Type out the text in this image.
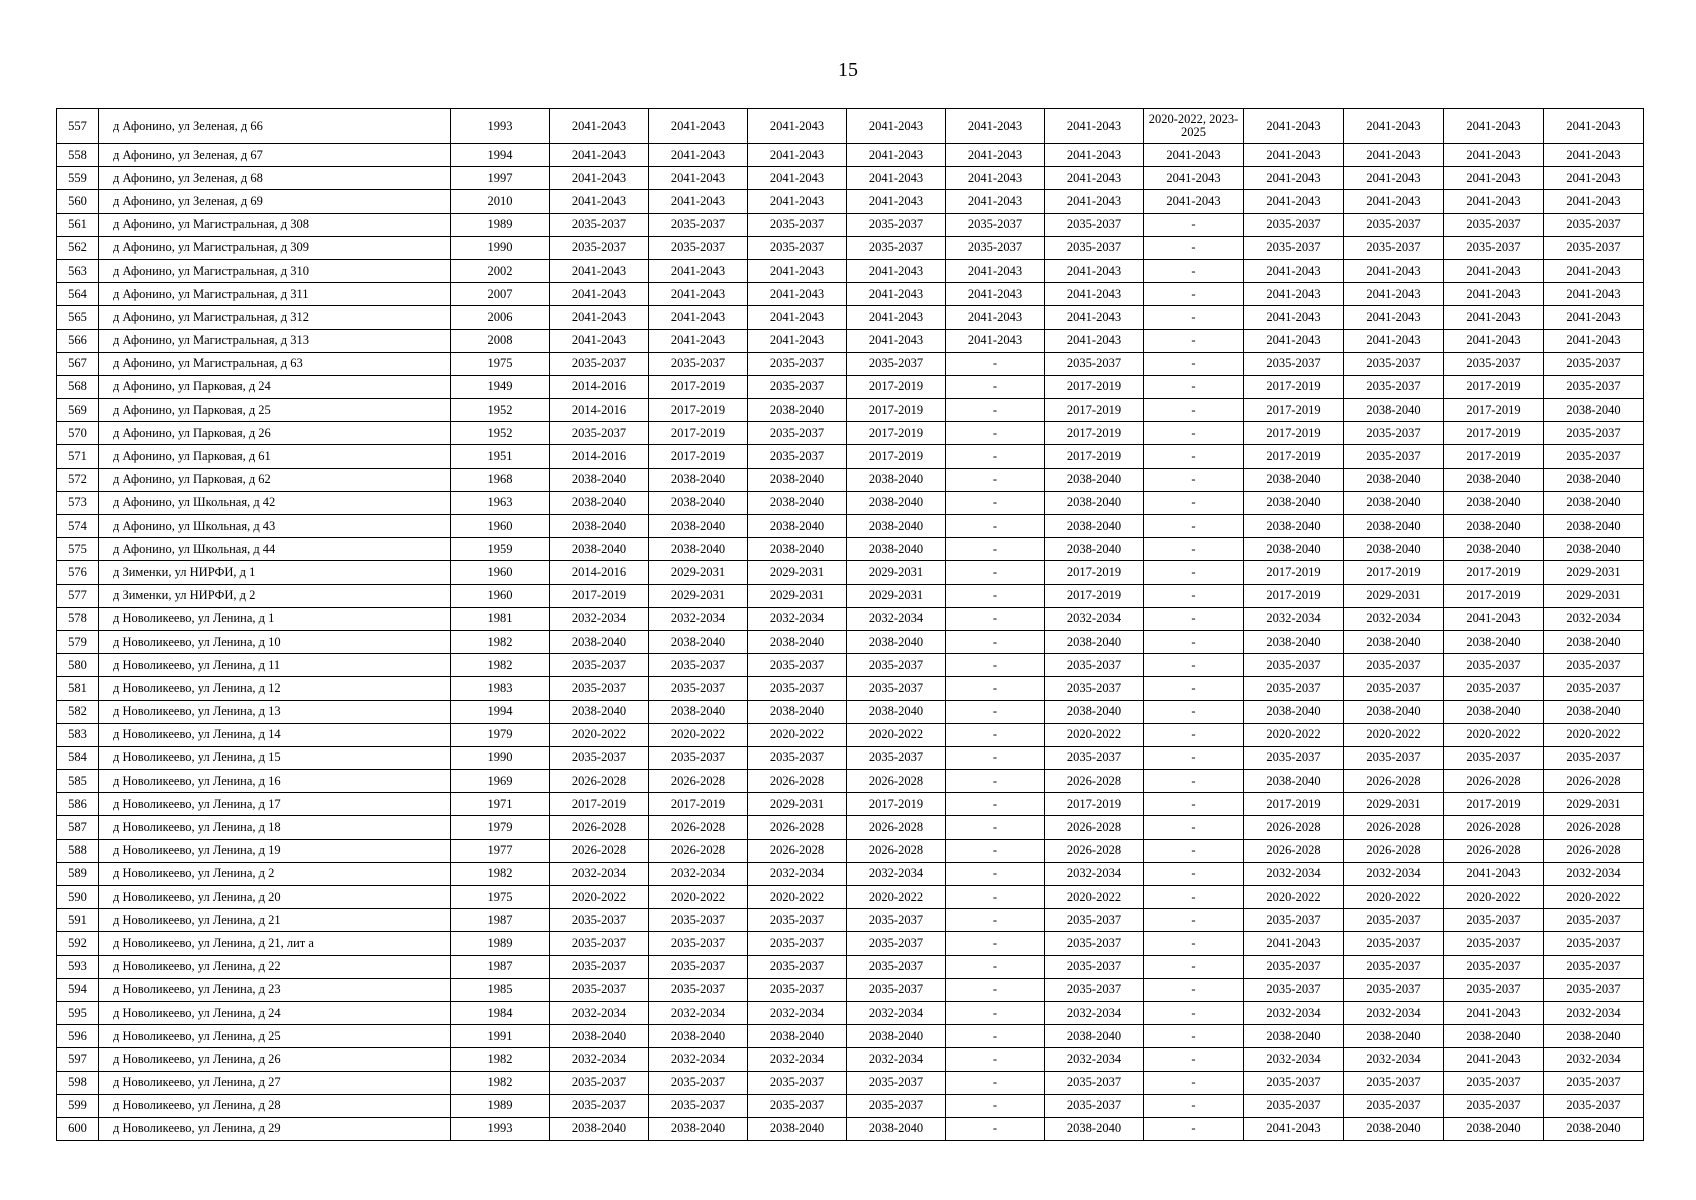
15
557	д Афонино, ул Зеленая, д 66	1993	2041-2043	2041-2043	2041-2043	2041-2043	2041-2043	2041-2043	2020-2022, 2023-2025	2041-2043	2041-2043	2041-2043	2041-2043
558	д Афонино, ул Зеленая, д 67	1994	2041-2043	2041-2043	2041-2043	2041-2043	2041-2043	2041-2043	2041-2043	2041-2043	2041-2043	2041-2043	2041-2043
559	д Афонино, ул Зеленая, д 68	1997	2041-2043	2041-2043	2041-2043	2041-2043	2041-2043	2041-2043	2041-2043	2041-2043	2041-2043	2041-2043	2041-2043
560	д Афонино, ул Зеленая, д 69	2010	2041-2043	2041-2043	2041-2043	2041-2043	2041-2043	2041-2043	2041-2043	2041-2043	2041-2043	2041-2043	2041-2043
561	д Афонино, ул Магистральная, д 308	1989	2035-2037	2035-2037	2035-2037	2035-2037	2035-2037	2035-2037	-	2035-2037	2035-2037	2035-2037	2035-2037
562	д Афонино, ул Магистральная, д 309	1990	2035-2037	2035-2037	2035-2037	2035-2037	2035-2037	2035-2037	-	2035-2037	2035-2037	2035-2037	2035-2037
563	д Афонино, ул Магистральная, д 310	2002	2041-2043	2041-2043	2041-2043	2041-2043	2041-2043	2041-2043	-	2041-2043	2041-2043	2041-2043	2041-2043
564	д Афонино, ул Магистральная, д 311	2007	2041-2043	2041-2043	2041-2043	2041-2043	2041-2043	2041-2043	-	2041-2043	2041-2043	2041-2043	2041-2043
565	д Афонино, ул Магистральная, д 312	2006	2041-2043	2041-2043	2041-2043	2041-2043	2041-2043	2041-2043	-	2041-2043	2041-2043	2041-2043	2041-2043
566	д Афонино, ул Магистральная, д 313	2008	2041-2043	2041-2043	2041-2043	2041-2043	2041-2043	2041-2043	-	2041-2043	2041-2043	2041-2043	2041-2043
567	д Афонино, ул Магистральная, д 63	1975	2035-2037	2035-2037	2035-2037	2035-2037	-	2035-2037	-	2035-2037	2035-2037	2035-2037	2035-2037
568	д Афонино, ул Парковая, д 24	1949	2014-2016	2017-2019	2035-2037	2017-2019	-	2017-2019	-	2017-2019	2035-2037	2017-2019	2035-2037
569	д Афонино, ул Парковая, д 25	1952	2014-2016	2017-2019	2038-2040	2017-2019	-	2017-2019	-	2017-2019	2038-2040	2017-2019	2038-2040
570	д Афонино, ул Парковая, д 26	1952	2035-2037	2017-2019	2035-2037	2017-2019	-	2017-2019	-	2017-2019	2035-2037	2017-2019	2035-2037
571	д Афонино, ул Парковая, д 61	1951	2014-2016	2017-2019	2035-2037	2017-2019	-	2017-2019	-	2017-2019	2035-2037	2017-2019	2035-2037
572	д Афонино, ул Парковая, д 62	1968	2038-2040	2038-2040	2038-2040	2038-2040	-	2038-2040	-	2038-2040	2038-2040	2038-2040	2038-2040
573	д Афонино, ул Школьная, д 42	1963	2038-2040	2038-2040	2038-2040	2038-2040	-	2038-2040	-	2038-2040	2038-2040	2038-2040	2038-2040
574	д Афонино, ул Школьная, д 43	1960	2038-2040	2038-2040	2038-2040	2038-2040	-	2038-2040	-	2038-2040	2038-2040	2038-2040	2038-2040
575	д Афонино, ул Школьная, д 44	1959	2038-2040	2038-2040	2038-2040	2038-2040	-	2038-2040	-	2038-2040	2038-2040	2038-2040	2038-2040
576	д Зименки, ул НИРФИ, д 1	1960	2014-2016	2029-2031	2029-2031	2029-2031	-	2017-2019	-	2017-2019	2017-2019	2017-2019	2029-2031
577	д Зименки, ул НИРФИ, д 2	1960	2017-2019	2029-2031	2029-2031	2029-2031	-	2017-2019	-	2017-2019	2029-2031	2017-2019	2029-2031
578	д Новоликеево, ул Ленина, д 1	1981	2032-2034	2032-2034	2032-2034	2032-2034	-	2032-2034	-	2032-2034	2032-2034	2041-2043	2032-2034
579	д Новоликеево, ул Ленина, д 10	1982	2038-2040	2038-2040	2038-2040	2038-2040	-	2038-2040	-	2038-2040	2038-2040	2038-2040	2038-2040
580	д Новоликеево, ул Ленина, д 11	1982	2035-2037	2035-2037	2035-2037	2035-2037	-	2035-2037	-	2035-2037	2035-2037	2035-2037	2035-2037
581	д Новоликеево, ул Ленина, д 12	1983	2035-2037	2035-2037	2035-2037	2035-2037	-	2035-2037	-	2035-2037	2035-2037	2035-2037	2035-2037
582	д Новоликеево, ул Ленина, д 13	1994	2038-2040	2038-2040	2038-2040	2038-2040	-	2038-2040	-	2038-2040	2038-2040	2038-2040	2038-2040
583	д Новоликеево, ул Ленина, д 14	1979	2020-2022	2020-2022	2020-2022	2020-2022	-	2020-2022	-	2020-2022	2020-2022	2020-2022	2020-2022
584	д Новоликеево, ул Ленина, д 15	1990	2035-2037	2035-2037	2035-2037	2035-2037	-	2035-2037	-	2035-2037	2035-2037	2035-2037	2035-2037
585	д Новоликеево, ул Ленина, д 16	1969	2026-2028	2026-2028	2026-2028	2026-2028	-	2026-2028	-	2038-2040	2026-2028	2026-2028	2026-2028
586	д Новоликеево, ул Ленина, д 17	1971	2017-2019	2017-2019	2029-2031	2017-2019	-	2017-2019	-	2017-2019	2029-2031	2017-2019	2029-2031
587	д Новоликеево, ул Ленина, д 18	1979	2026-2028	2026-2028	2026-2028	2026-2028	-	2026-2028	-	2026-2028	2026-2028	2026-2028	2026-2028
588	д Новоликеево, ул Ленина, д 19	1977	2026-2028	2026-2028	2026-2028	2026-2028	-	2026-2028	-	2026-2028	2026-2028	2026-2028	2026-2028
589	д Новоликеево, ул Ленина, д 2	1982	2032-2034	2032-2034	2032-2034	2032-2034	-	2032-2034	-	2032-2034	2032-2034	2041-2043	2032-2034
590	д Новоликеево, ул Ленина, д 20	1975	2020-2022	2020-2022	2020-2022	2020-2022	-	2020-2022	-	2020-2022	2020-2022	2020-2022	2020-2022
591	д Новоликеево, ул Ленина, д 21	1987	2035-2037	2035-2037	2035-2037	2035-2037	-	2035-2037	-	2035-2037	2035-2037	2035-2037	2035-2037
592	д Новоликеево, ул Ленина, д 21, лит а	1989	2035-2037	2035-2037	2035-2037	2035-2037	-	2035-2037	-	2041-2043	2035-2037	2035-2037	2035-2037
593	д Новоликеево, ул Ленина, д 22	1987	2035-2037	2035-2037	2035-2037	2035-2037	-	2035-2037	-	2035-2037	2035-2037	2035-2037	2035-2037
594	д Новоликеево, ул Ленина, д 23	1985	2035-2037	2035-2037	2035-2037	2035-2037	-	2035-2037	-	2035-2037	2035-2037	2035-2037	2035-2037
595	д Новоликеево, ул Ленина, д 24	1984	2032-2034	2032-2034	2032-2034	2032-2034	-	2032-2034	-	2032-2034	2032-2034	2041-2043	2032-2034
596	д Новоликеево, ул Ленина, д 25	1991	2038-2040	2038-2040	2038-2040	2038-2040	-	2038-2040	-	2038-2040	2038-2040	2038-2040	2038-2040
597	д Новоликеево, ул Ленина, д 26	1982	2032-2034	2032-2034	2032-2034	2032-2034	-	2032-2034	-	2032-2034	2032-2034	2041-2043	2032-2034
598	д Новоликеево, ул Ленина, д 27	1982	2035-2037	2035-2037	2035-2037	2035-2037	-	2035-2037	-	2035-2037	2035-2037	2035-2037	2035-2037
599	д Новоликеево, ул Ленина, д 28	1989	2035-2037	2035-2037	2035-2037	2035-2037	-	2035-2037	-	2035-2037	2035-2037	2035-2037	2035-2037
600	д Новоликеево, ул Ленина, д 29	1993	2038-2040	2038-2040	2038-2040	2038-2040	-	2038-2040	-	2041-2043	2038-2040	2038-2040	2038-2040
